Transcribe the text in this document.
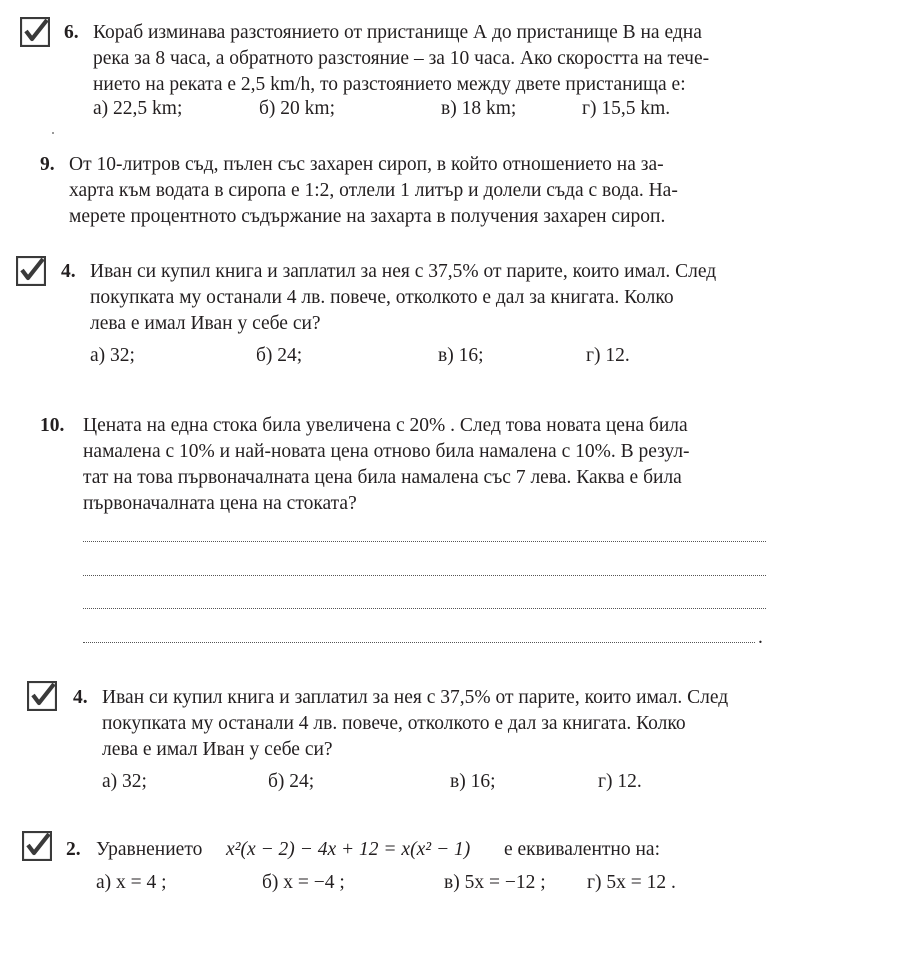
6. Кораб изминава разстоянието от пристанище А до пристанище В на една
река за 8 часа, а обратното разстояние – за 10 часа. Ако скоростта на тече-
нието на реката е 2,5 km/h, то разстоянието между двете пристанища е:
а) 22,5 km;	б) 20 km;	в) 18 km;	г) 15,5 km.
9. От 10-литров съд, пълен със захарен сироп, в който отношението на за-
харта към водата в сиропа е 1:2, отлели 1 литър и долели съда с вода. На-
мерете процентното съдържание на захарта в получения захарен сироп.
4. Иван си купил книга и заплатил за нея с 37,5% от парите, които имал. След
покупката му останали 4 лв. повече, отколкото е дал за книгата. Колко
лева е имал Иван у себе си?
а) 32;	б) 24;	в) 16;	г) 12.
10. Цената на една стока била увеличена с 20% . След това новата цена била
намалена с 10% и най-новата цена отново била намалена с 10%. В резул-
тат на това първоначалната цена била намалена със 7 лева. Каква е била
първоначалната цена на стоката?
.
4. Иван си купил книга и заплатил за нея с 37,5% от парите, които имал. След
покупката му останали 4 лв. повече, отколкото е дал за книгата. Колко
лева е имал Иван у себе си?
а) 32;	б) 24;	в) 16;	г) 12.
2. Уравнението x²(x − 2) − 4x + 12 = x(x² − 1) е еквивалентно на:
а) x = 4 ;	б) x = −4 ;	в) 5x = −12 ; г) 5x = 12 .
